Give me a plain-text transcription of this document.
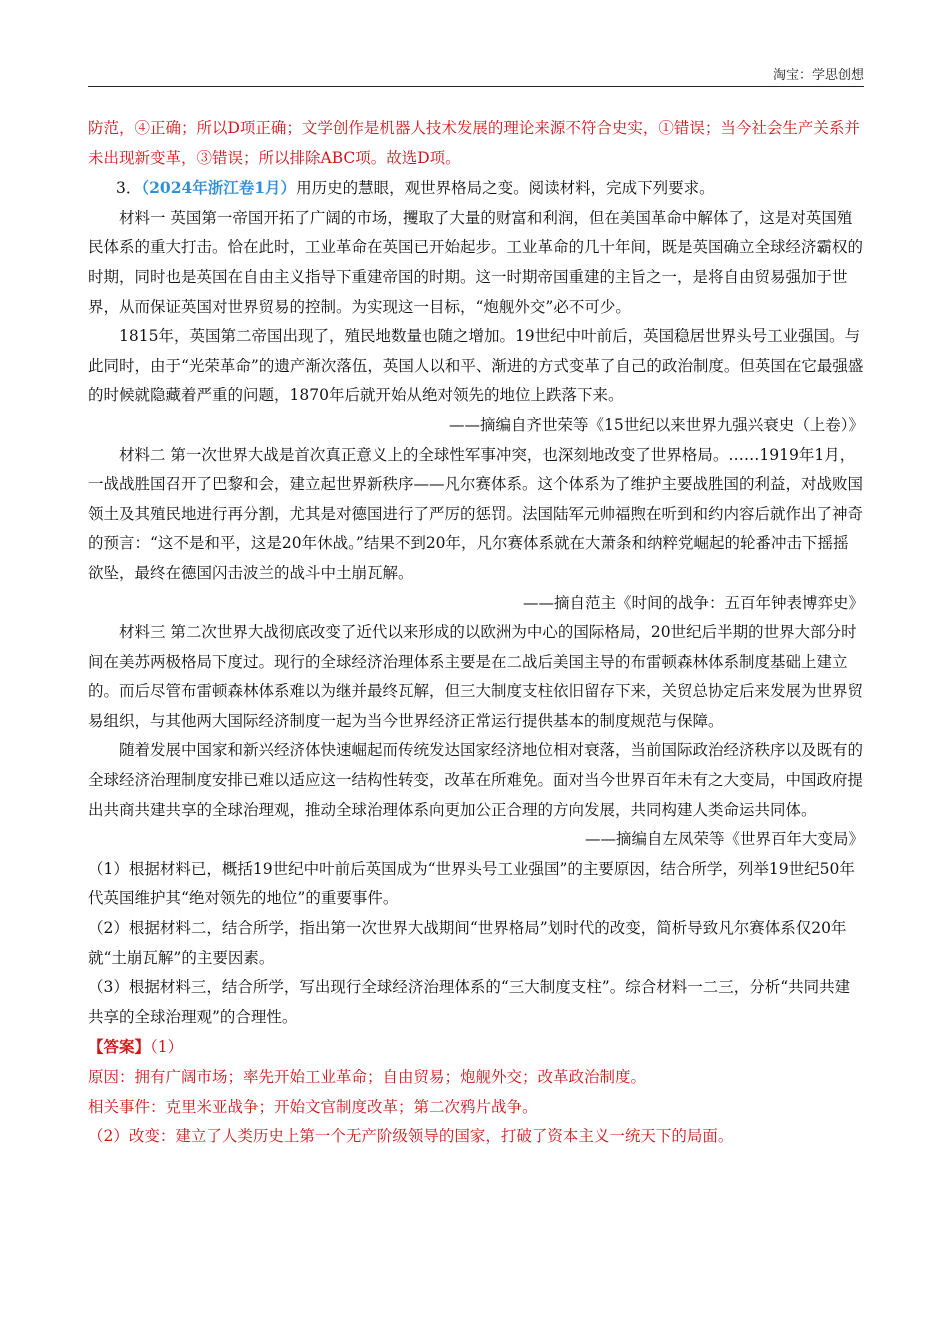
淘宝：学思创想

防范，④正确；所以D项正确；文学创作是机器人技术发展的理论来源不符合史实，①错误；当今社会生产关系并未出现新变革，③错误；所以排除ABC项。故选D项。

3．（2024年浙江卷1月）用历史的慧眼，观世界格局之变。阅读材料，完成下列要求。

材料一 英国第一帝国开拓了广阔的市场，攫取了大量的财富和利润，但在美国革命中解体了，这是对英国殖民体系的重大打击。恰在此时，工业革命在英国已开始起步。工业革命的几十年间，既是英国确立全球经济霸权的时期，同时也是英国在自由主义指导下重建帝国的时期。这一时期帝国重建的主旨之一，是将自由贸易强加于世界，从而保证英国对世界贸易的控制。为实现这一目标，“炮舰外交”必不可少。

1815年，英国第二帝国出现了，殖民地数量也随之增加。19世纪中叶前后，英国稳居世界头号工业强国。与此同时，由于“光荣革命”的遗产渐次落伍，英国人以和平、渐进的方式变革了自己的政治制度。但英国在它最强盛的时候就隐藏着严重的问题，1870年后就开始从绝对领先的地位上跌落下来。

——摘编自齐世荣等《15世纪以来世界九强兴衰史（上卷）》

材料二 第一次世界大战是首次真正意义上的全球性军事冲突，也深刻地改变了世界格局。……1919年1月，一战战胜国召开了巴黎和会，建立起世界新秩序——凡尔赛体系。这个体系为了维护主要战胜国的利益，对战败国领土及其殖民地进行再分割，尤其是对德国进行了严厉的惩罚。法国陆军元帅福煦在听到和约内容后就作出了神奇的预言：“这不是和平，这是20年休战。”结果不到20年，凡尔赛体系就在大萧条和纳粹党崛起的轮番冲击下摇摇欲坠，最终在德国闪击波兰的战斗中土崩瓦解。

——摘自范主《时间的战争：五百年钟表博弈史》

材料三 第二次世界大战彻底改变了近代以来形成的以欧洲为中心的国际格局，20世纪后半期的世界大部分时间在美苏两极格局下度过。现行的全球经济治理体系主要是在二战后美国主导的布雷顿森林体系制度基础上建立的。而后尽管布雷顿森林体系难以为继并最终瓦解，但三大制度支柱依旧留存下来，关贸总协定后来发展为世界贸易组织，与其他两大国际经济制度一起为当今世界经济正常运行提供基本的制度规范与保障。

随着发展中国家和新兴经济体快速崛起而传统发达国家经济地位相对衰落，当前国际政治经济秩序以及既有的全球经济治理制度安排已难以适应这一结构性转变，改革在所难免。面对当今世界百年未有之大变局，中国政府提出共商共建共享的全球治理观，推动全球治理体系向更加公正合理的方向发展，共同构建人类命运共同体。

——摘编自左凤荣等《世界百年大变局》

（1）根据材料已，概括19世纪中叶前后英国成为“世界头号工业强国”的主要原因，结合所学，列举19世纪50年代英国维护其“绝对领先的地位”的重要事件。

（2）根据材料二，结合所学，指出第一次世界大战期间“世界格局”划时代的改变，简析导致凡尔赛体系仅20年就“土崩瓦解”的主要因素。

（3）根据材料三，结合所学，写出现行全球经济治理体系的“三大制度支柱”。综合材料一二三，分析“共同共建共享的全球治理观”的合理性。

【答案】（1）

原因：拥有广阔市场；率先开始工业革命；自由贸易；炮舰外交；改革政治制度。

相关事件：克里米亚战争；开始文官制度改革；第二次鸦片战争。

（2）改变：建立了人类历史上第一个无产阶级领导的国家，打破了资本主义一统天下的局面。
